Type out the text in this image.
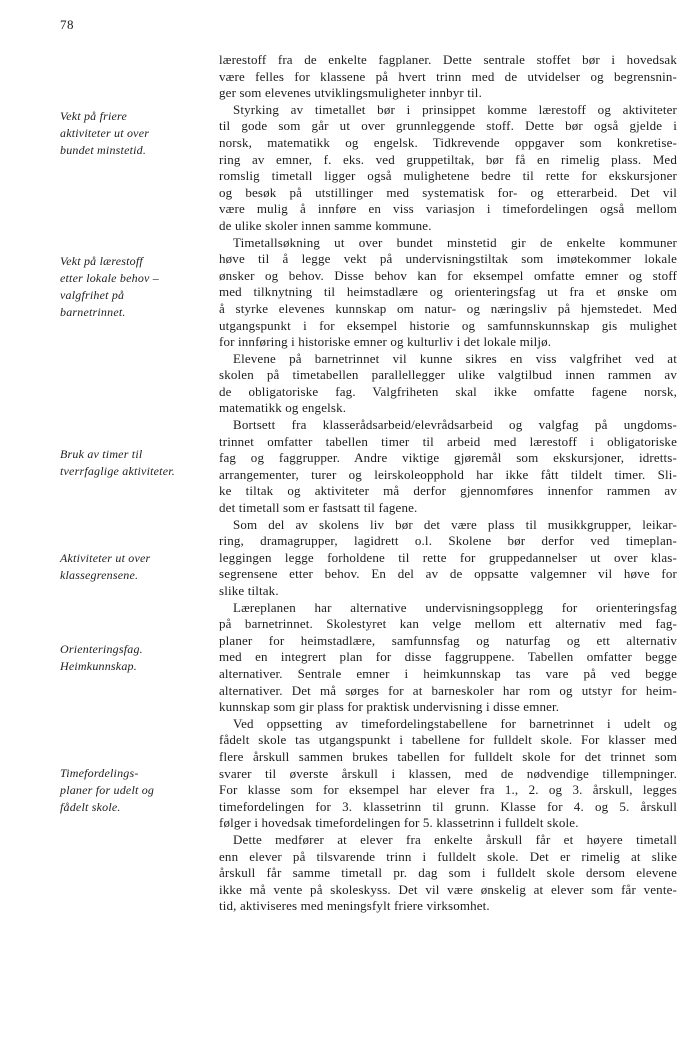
78
Vekt på friere
aktiviteter ut over
bundet minstetid.
Vekt på lærestoff
etter lokale behov –
valgfrihet på
barnetrinnet.
Bruk av timer til
tverrfaglige aktiviteter.
Aktiviteter ut over
klassegrensene.
Orienteringsfag.
Heimkunnskap.
Timefordelings-
planer for udelt og
fådelt skole.
lærestoff fra de enkelte fagplaner. Dette sentrale stoffet bør i hovedsak
være felles for klassene på hvert trinn med de utvidelser og begrensnin-
ger som elevenes utviklingsmuligheter innbyr til.
Styrking av timetallet bør i prinsippet komme lærestoff og aktiviteter
til gode som går ut over grunnleggende stoff. Dette bør også gjelde i
norsk, matematikk og engelsk. Tidkrevende oppgaver som konkretise-
ring av emner, f. eks. ved gruppetiltak, bør få en rimelig plass. Med
romslig timetall ligger også mulighetene bedre til rette for ekskursjoner
og besøk på utstillinger med systematisk for- og etterarbeid. Det vil
være mulig å innføre en viss variasjon i timefordelingen også mellom
de ulike skoler innen samme kommune.
Timetallsøkning ut over bundet minstetid gir de enkelte kommuner
høve til å legge vekt på undervisningstiltak som imøtekommer lokale
ønsker og behov. Disse behov kan for eksempel omfatte emner og stoff
med tilknytning til heimstadlære og orienteringsfag ut fra et ønske om
å styrke elevenes kunnskap om natur- og næringsliv på hjemstedet. Med
utgangspunkt i for eksempel historie og samfunnskunnskap gis mulighet
for innføring i historiske emner og kulturliv i det lokale miljø.
Elevene på barnetrinnet vil kunne sikres en viss valgfrihet ved at
skolen på timetabellen parallellegger ulike valgtilbud innen rammen av
de obligatoriske fag. Valgfriheten skal ikke omfatte fagene norsk,
matematikk og engelsk.
Bortsett fra klasserådsarbeid/elevrådsarbeid og valgfag på ungdoms-
trinnet omfatter tabellen timer til arbeid med lærestoff i obligatoriske
fag og faggrupper. Andre viktige gjøremål som ekskursjoner, idretts-
arrangementer, turer og leirskoleopphold har ikke fått tildelt timer. Sli-
ke tiltak og aktiviteter må derfor gjennomføres innenfor rammen av
det timetall som er fastsatt til fagene.
Som del av skolens liv bør det være plass til musikkgrupper, leikar-
ring, dramagrupper, lagidrett o.l. Skolene bør derfor ved timeplan-
leggingen legge forholdene til rette for gruppedannelser ut over klas-
segrensene etter behov. En del av de oppsatte valgemner vil høve for
slike tiltak.
Læreplanen har alternative undervisningsopplegg for orienteringsfag
på barnetrinnet. Skolestyret kan velge mellom ett alternativ med fag-
planer for heimstadlære, samfunnsfag og naturfag og ett alternativ
med en integrert plan for disse faggruppene. Tabellen omfatter begge
alternativer. Sentrale emner i heimkunnskap tas vare på ved begge
alternativer. Det må sørges for at barneskoler har rom og utstyr for heim-
kunnskap som gir plass for praktisk undervisning i disse emner.
Ved oppsetting av timefordelingstabellene for barnetrinnet i udelt og
fådelt skole tas utgangspunkt i tabellene for fulldelt skole. For klasser med
flere årskull sammen brukes tabellen for fulldelt skole for det trinnet som
svarer til øverste årskull i klassen, med de nødvendige tillempninger.
For klasse som for eksempel har elever fra 1., 2. og 3. årskull, legges
timefordelingen for 3. klassetrinn til grunn. Klasse for 4. og 5. årskull
følger i hovedsak timefordelingen for 5. klassetrinn i fulldelt skole.
Dette medfører at elever fra enkelte årskull får et høyere timetall
enn elever på tilsvarende trinn i fulldelt skole. Det er rimelig at slike
årskull får samme timetall pr. dag som i fulldelt skole dersom elevene
ikke må vente på skoleskyss. Det vil være ønskelig at elever som får vente-
tid, aktiviseres med meningsfylt friere virksomhet.
